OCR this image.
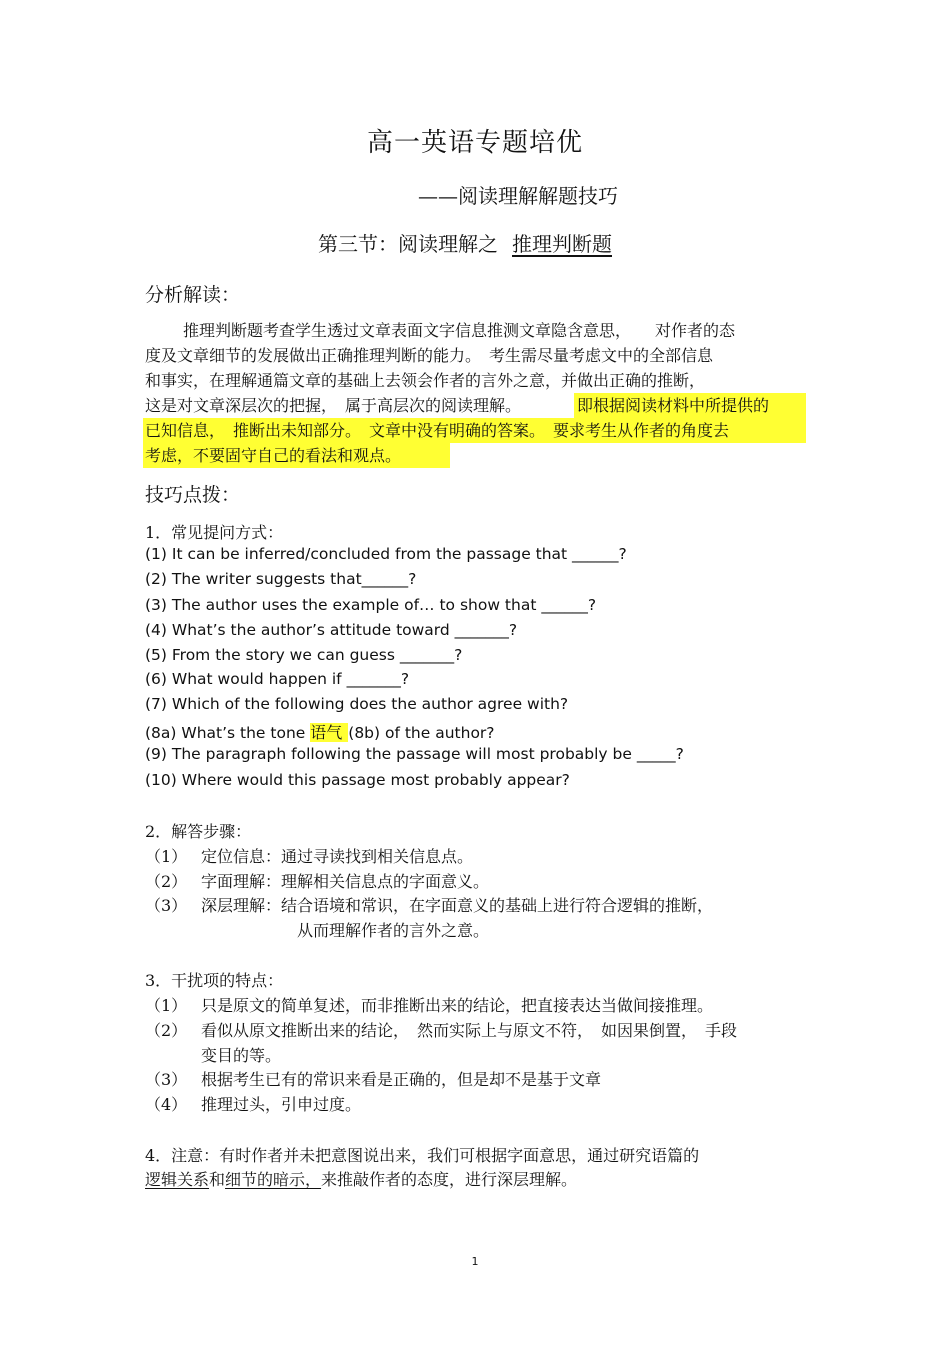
高一英语专题培优
——阅读理解解题技巧
第三节：阅读理解之 推理判断题
分析解读：
推理判断题考查学生透过文章表面文字信息推测文章隐含意思，　　对作者的态
度及文章细节的发展做出正确推理判断的能力。　考生需尽量考虑文中的全部信息
和事实，在理解通篇文章的基础上去领会作者的言外之意，并做出正确的推断，
这是对文章深层次的把握，　属于高层次的阅读理解。	即根据阅读材料中所提供的
已知信息，　推断出未知部分。　文章中没有明确的答案。　要求考生从作者的角度去
考虑，不要固守自己的看法和观点。
技巧点拨：
1．常见提问方式：
(1) It can be inferred/concluded from the passage that ______?
(2) The writer suggests that______?
(3) The author uses the example of… to show that ______?
(4) What’s the author’s attitude toward _______?
(5) From the story we can guess _______?
(6) What would happen if _______?
(7) Which of the following does the author agree with?
(8a) What’s the tone 语气 (8b) of the author?
(9) The paragraph following the passage will most probably be _____?
(10) Where would this passage most probably appear?
2．解答步骤：
（1） 定位信息：通过寻读找到相关信息点。
（2） 字面理解：理解相关信息点的字面意义。
（3） 深层理解：结合语境和常识，在字面意义的基础上进行符合逻辑的推断，
从而理解作者的言外之意。
3．干扰项的特点：
（1） 只是原文的简单复述，而非推断出来的结论，把直接表达当做间接推理。
（2） 看似从原文推断出来的结论，　然而实际上与原文不符，　如因果倒置，　手段
变目的等。
（3） 根据考生已有的常识来看是正确的，但是却不是基于文章
（4） 推理过头，引申过度。
4．注意：有时作者并未把意图说出来，我们可根据字面意思，通过研究语篇的
逻辑关系和细节的暗示，来推敲作者的态度，进行深层理解。
1
